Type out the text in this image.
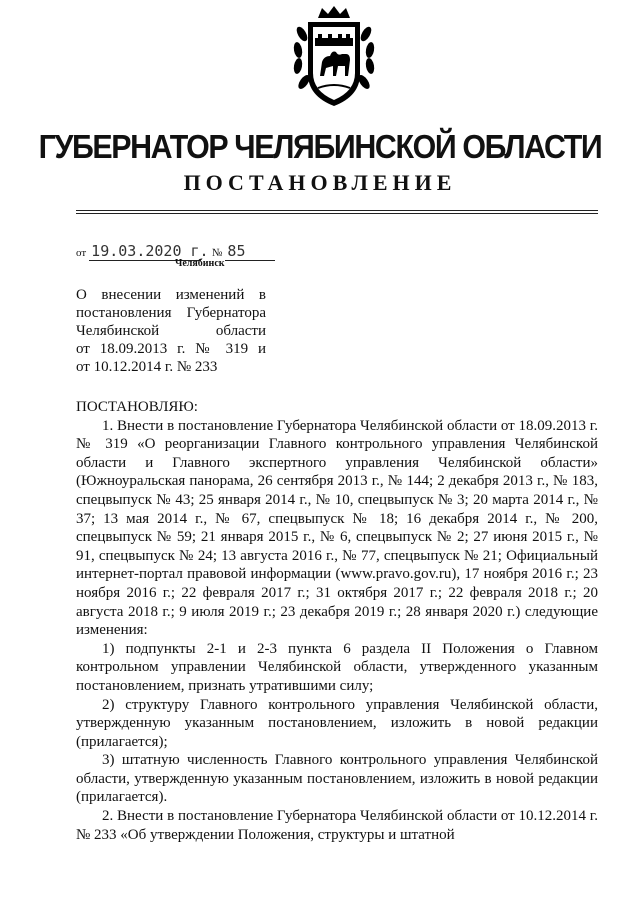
ГУБЕРНАТОР ЧЕЛЯБИНСКОЙ ОБЛАСТИ
ПОСТАНОВЛЕНИЕ
от 19.03.2020 г. № 85
Челябинск
О внесении изменений в
постановления Губернатора
Челябинской области
от 18.09.2013 г. № 319 и
от 10.12.2014 г. № 233

ПОСТАНОВЛЯЮ:

1. Внести в постановление Губернатора Челябинской области от 18.09.2013 г. № 319 «О реорганизации Главного контрольного управления Челябинской области и Главного экспертного управления Челябинской области» (Южноуральская панорама, 26 сентября 2013 г., № 144; 2 декабря 2013 г., № 183, спецвыпуск № 43; 25 января 2014 г., № 10, спецвыпуск № 3; 20 марта 2014 г., № 37; 13 мая 2014 г., № 67, спецвыпуск № 18; 16 декабря 2014 г., № 200, спецвыпуск № 59; 21 января 2015 г., № 6, спецвыпуск № 2; 27 июня 2015 г., № 91, спецвыпуск № 24; 13 августа 2016 г., № 77, спецвыпуск № 21; Официальный интернет-портал правовой информации (www.pravo.gov.ru), 17 ноября 2016 г.; 23 ноября 2016 г.; 22 февраля 2017 г.; 31 октября 2017 г.; 22 февраля 2018 г.; 20 августа 2018 г.; 9 июля 2019 г.; 23 декабря 2019 г.; 28 января 2020 г.) следующие изменения:

1) подпункты 2-1 и 2-3 пункта 6 раздела II Положения о Главном контрольном управлении Челябинской области, утвержденного указанным постановлением, признать утратившими силу;

2) структуру Главного контрольного управления Челябинской области, утвержденную указанным постановлением, изложить в новой редакции (прилагается);

3) штатную численность Главного контрольного управления Челябинской области, утвержденную указанным постановлением, изложить в новой редакции (прилагается).

2. Внести в постановление Губернатора Челябинской области от 10.12.2014 г. № 233 «Об утверждении Положения, структуры и штатной
